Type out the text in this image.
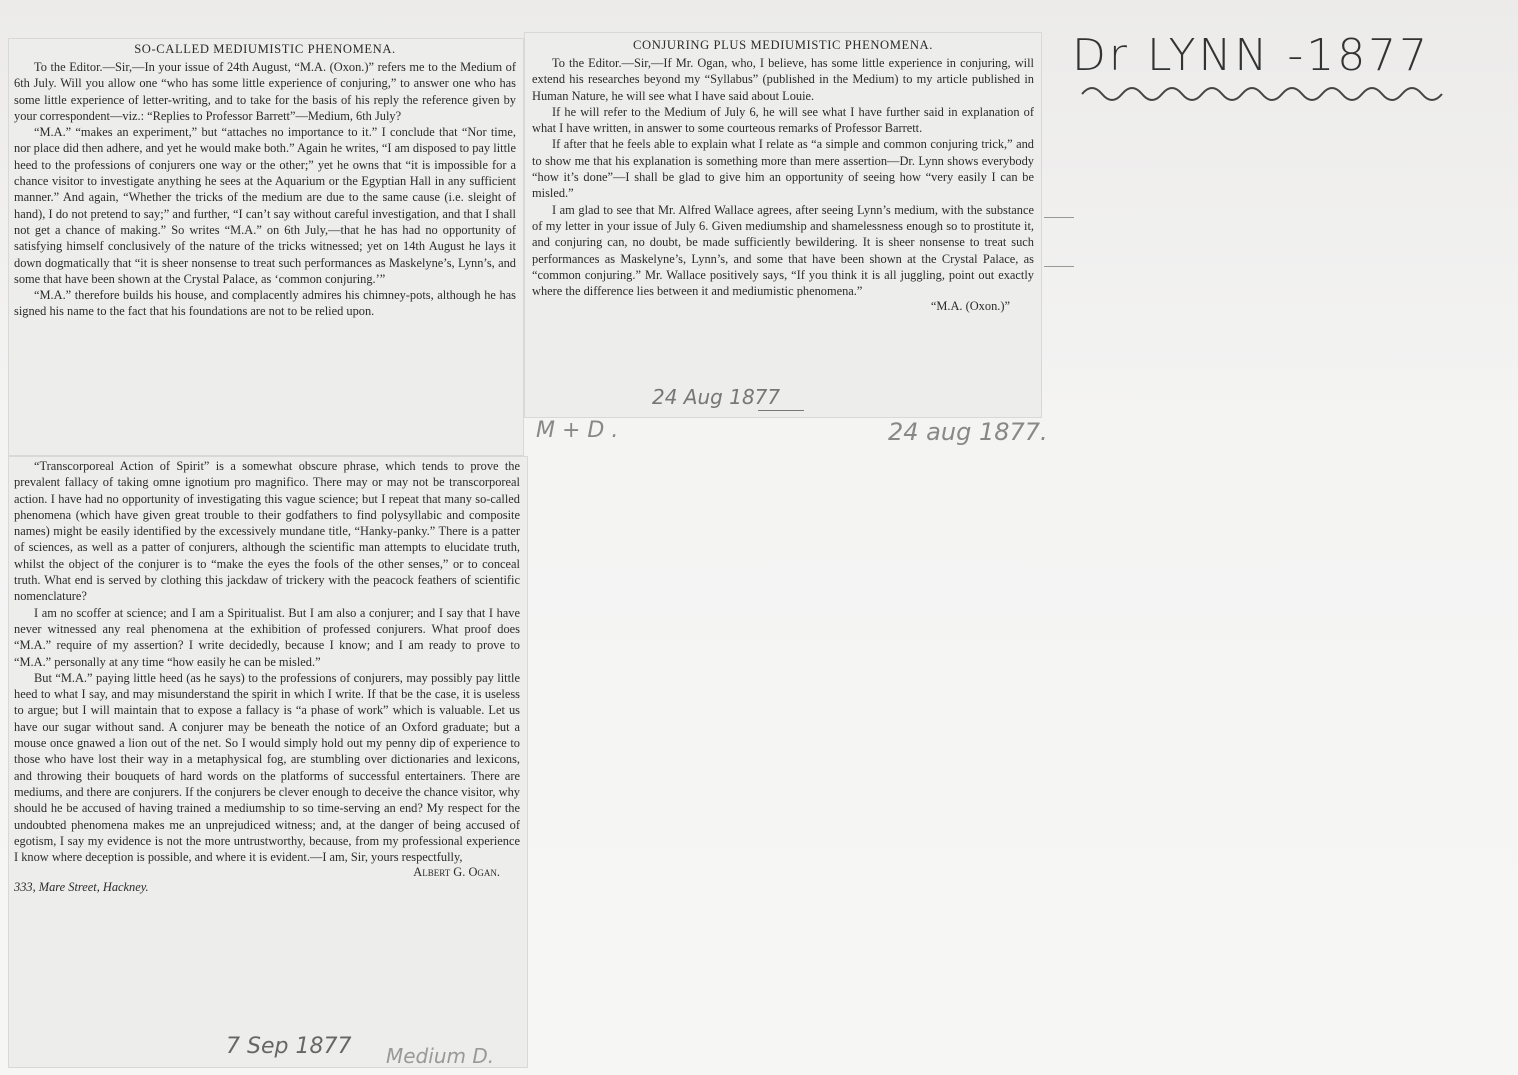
SO-CALLED MEDIUMISTIC PHENOMENA.

To the Editor.—Sir,—In your issue of 24th August, “M.A. (Oxon.)” refers me to the Medium of 6th July. Will you allow one “who has some little experience of conjuring,” to answer one who has some little experience of letter-writing, and to take for the basis of his reply the reference given by your correspondent—viz.: “Replies to Professor Barrett”—Medium, 6th July?

“M.A.” “makes an experiment,” but “attaches no importance to it.” I conclude that “Nor time, nor place did then adhere, and yet he would make both.” Again he writes, “I am disposed to pay little heed to the professions of conjurers one way or the other;” yet he owns that “it is impossible for a chance visitor to investigate anything he sees at the Aquarium or the Egyptian Hall in any sufficient manner.” And again, “Whether the tricks of the medium are due to the same cause (i.e. sleight of hand), I do not pretend to say;” and further, “I can’t say without careful investigation, and that I shall not get a chance of making.” So writes “M.A.” on 6th July,—that he has had no opportunity of satisfying himself conclusively of the nature of the tricks witnessed; yet on 14th August he lays it down dogmatically that “it is sheer nonsense to treat such performances as Maskelyne’s, Lynn’s, and some that have been shown at the Crystal Palace, as ‘common conjuring.’”

“M.A.” therefore builds his house, and complacently admires his chimney-pots, although he has signed his name to the fact that his foundations are not to be relied upon.

“Transcorporeal Action of Spirit” is a somewhat obscure phrase, which tends to prove the prevalent fallacy of taking omne ignotium pro magnifico. There may or may not be transcorporeal action. I have had no opportunity of investigating this vague science; but I repeat that many so-called phenomena (which have given great trouble to their godfathers to find polysyllabic and composite names) might be easily identified by the excessively mundane title, “Hanky-panky.” There is a patter of sciences, as well as a patter of conjurers, although the scientific man attempts to elucidate truth, whilst the object of the conjurer is to “make the eyes the fools of the other senses,” or to conceal truth. What end is served by clothing this jackdaw of trickery with the peacock feathers of scientific nomenclature?

I am no scoffer at science; and I am a Spiritualist. But I am also a conjurer; and I say that I have never witnessed any real phenomena at the exhibition of professed conjurers. What proof does “M.A.” require of my assertion? I write decidedly, because I know; and I am ready to prove to “M.A.” personally at any time “how easily he can be misled.”

But “M.A.” paying little heed (as he says) to the professions of conjurers, may possibly pay little heed to what I say, and may misunderstand the spirit in which I write. If that be the case, it is useless to argue; but I will maintain that to expose a fallacy is “a phase of work” which is valuable. Let us have our sugar without sand. A conjurer may be beneath the notice of an Oxford graduate; but a mouse once gnawed a lion out of the net. So I would simply hold out my penny dip of experience to those who have lost their way in a metaphysical fog, are stumbling over dictionaries and lexicons, and throwing their bouquets of hard words on the platforms of successful entertainers. There are mediums, and there are conjurers. If the conjurers be clever enough to deceive the chance visitor, why should he be accused of having trained a mediumship to so time-serving an end? My respect for the undoubted phenomena makes me an unprejudiced witness; and, at the danger of being accused of egotism, I say my evidence is not the more untrustworthy, because, from my professional experience I know where deception is possible, and where it is evident.—I am, Sir, yours respectfully,

Albert G. Ogan.
333, Mare Street, Hackney.
CONJURING PLUS MEDIUMISTIC PHENOMENA.

To the Editor.—Sir,—If Mr. Ogan, who, I believe, has some little experience in conjuring, will extend his researches beyond my “Syllabus” (published in the Medium) to my article published in Human Nature, he will see what I have said about Louie.

If he will refer to the Medium of July 6, he will see what I have further said in explanation of what I have written, in answer to some courteous remarks of Professor Barrett.

If after that he feels able to explain what I relate as “a simple and common conjuring trick,” and to show me that his explanation is something more than mere assertion—Dr. Lynn shows everybody “how it’s done”—I shall be glad to give him an opportunity of seeing how “very easily I can be misled.”

I am glad to see that Mr. Alfred Wallace agrees, after seeing Lynn’s medium, with the substance of my letter in your issue of July 6. Given mediumship and shamelessness enough so to prostitute it, and conjuring can, no doubt, be made sufficiently bewildering. It is sheer nonsense to treat such performances as Maskelyne’s, Lynn’s, and some that have been shown at the Crystal Palace, as “common conjuring.” Mr. Wallace positively says, “If you think it is all juggling, point out exactly where the difference lies between it and mediumistic phenomena.”

“M.A. (Oxon.)”
Dr LYNN -1877
24 Aug 1877
M + D .	24 aug 1877.
7 Sep 1877 Medium D.
